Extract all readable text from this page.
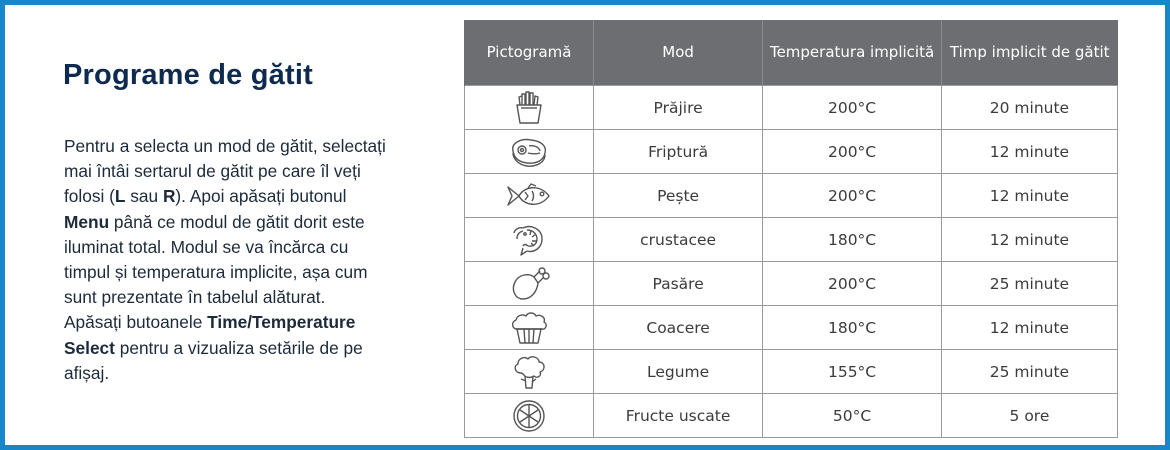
Programe de gătit
Pentru a selecta un mod de gătit, selectați mai întâi sertarul de gătit pe care îl veți folosi (L sau R). Apoi apăsați butonul Menu până ce modul de gătit dorit este iluminat total. Modul se va încărca cu timpul și temperatura implicite, așa cum sunt prezentate în tabelul alăturat. Apăsați butoanele Time/Temperature Select pentru a vizualiza setările de pe afișaj.
Pictogramă	Mod	Temperatura implicită	Timp implicit de gătit

	Prăjire	200°C	20 minute

	Friptură	200°C	12 minute

	Pește	200°C	12 minute

	crustacee	180°C	12 minute

	Pasăre	200°C	25 minute

	Coacere	180°C	12 minute

	Legume	155°C	25 minute

	Fructe uscate	50°C	5 ore
